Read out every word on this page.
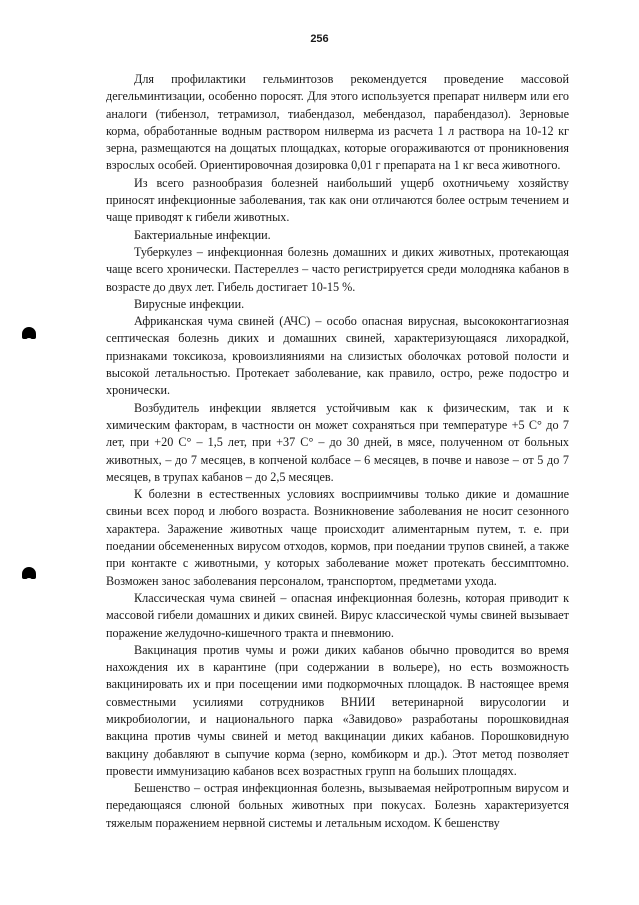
256

Для профилактики гельминтозов рекомендуется проведение массовой дегельминтизации, особенно поросят. Для этого используется препарат нилверм или его аналоги (тибензол, тетрамизол, тиабендазол, мебендазол, парабендазол). Зерновые корма, обработанные водным раствором нилверма из расчета 1 л раствора на 10-12 кг зерна, размещаются на дощатых площадках, которые огораживаются от проникновения взрослых особей. Ориентировочная дозировка 0,01 г препарата на 1 кг веса животного.

Из всего разнообразия болезней наибольший ущерб охотничьему хозяйству приносят инфекционные заболевания, так как они отличаются более острым течением и чаще приводят к гибели животных.

Бактериальные инфекции.

Туберкулез – инфекционная болезнь домашних и диких животных, протекающая чаще всего хронически. Пастереллез – часто регистрируется среди молодняка кабанов в возрасте до двух лет. Гибель достигает 10-15 %.

Вирусные инфекции.

Африканская чума свиней (АЧС) – особо опасная вирусная, высококонтагиозная септическая болезнь диких и домашних свиней, характеризующаяся лихорадкой, признаками токсикоза, кровоизлияниями на слизистых оболочках ротовой полости и высокой летальностью. Протекает заболевание, как правило, остро, реже подостро и хронически.

Возбудитель инфекции является устойчивым как к физическим, так и к химическим факторам, в частности он может сохраняться при температуре +5 С° до 7 лет, при +20 С° – 1,5 лет, при +37 С° – до 30 дней, в мясе, полученном от больных животных, – до 7 месяцев, в копченой колбасе – 6 месяцев, в почве и навозе – от 5 до 7 месяцев, в трупах кабанов – до 2,5 месяцев.

К болезни в естественных условиях восприимчивы только дикие и домашние свиньи всех пород и любого возраста. Возникновение заболевания не носит сезонного характера. Заражение животных чаще происходит алиментарным путем, т. е. при поедании обсемененных вирусом отходов, кормов, при поедании трупов свиней, а также при контакте с животными, у которых заболевание может протекать бессимптомно. Возможен занос заболевания персоналом, транспортом, предметами ухода.

Классическая чума свиней – опасная инфекционная болезнь, которая приводит к массовой гибели домашних и диких свиней. Вирус классической чумы свиней вызывает поражение желудочно-кишечного тракта и пневмонию.

Вакцинация против чумы и рожи диких кабанов обычно проводится во время нахождения их в карантине (при содержании в вольере), но есть возможность вакцинировать их и при посещении ими подкормочных площадок. В настоящее время совместными усилиями сотрудников ВНИИ ветеринарной вирусологии и микробиологии, и национального парка «Завидово» разработаны порошковидная вакцина против чумы свиней и метод вакцинации диких кабанов. Порошковидную вакцину добавляют в сыпучие корма (зерно, комбикорм и др.). Этот метод позволяет провести иммунизацию кабанов всех возрастных групп на больших площадях.

Бешенство – острая инфекционная болезнь, вызываемая нейротропным вирусом и передающаяся слюной больных животных при покусах. Болезнь характеризуется тяжелым поражением нервной системы и летальным исходом. К бешенству
